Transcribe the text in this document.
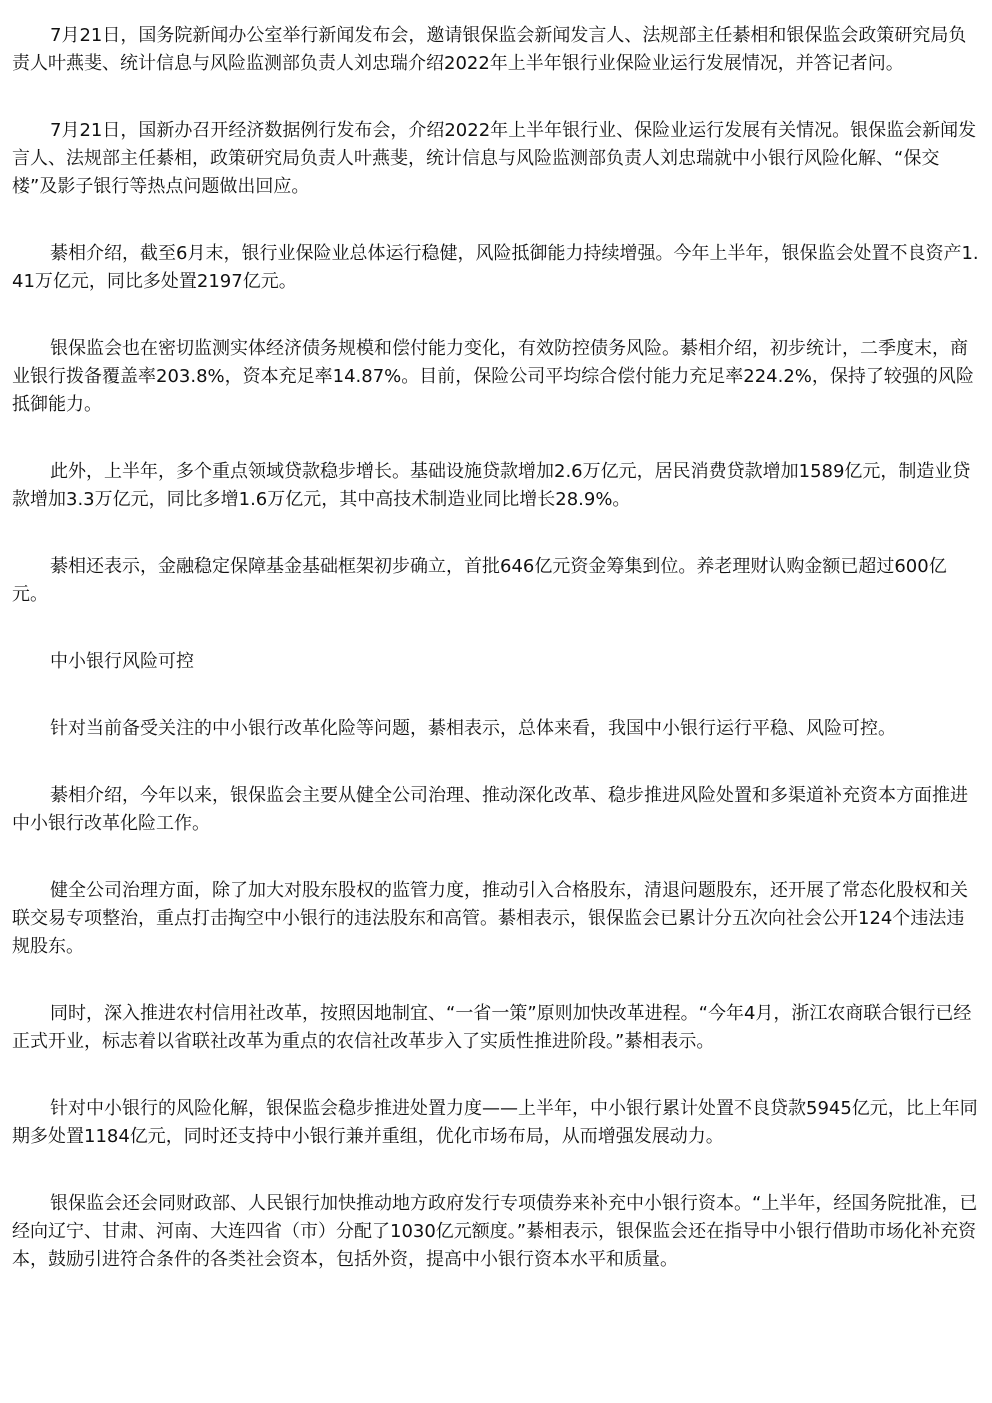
7月21日，国务院新闻办公室举行新闻发布会，邀请银保监会新闻发言人、法规部主任綦相和银保监会政策研究局负责人叶燕斐、统计信息与风险监测部负责人刘忠瑞介绍2022年上半年银行业保险业运行发展情况，并答记者问。

7月21日，国新办召开经济数据例行发布会，介绍2022年上半年银行业、保险业运行发展有关情况。银保监会新闻发言人、法规部主任綦相，政策研究局负责人叶燕斐，统计信息与风险监测部负责人刘忠瑞就中小银行风险化解、“保交楼”及影子银行等热点问题做出回应。

綦相介绍，截至6月末，银行业保险业总体运行稳健，风险抵御能力持续增强。今年上半年，银保监会处置不良资产1.41万亿元，同比多处置2197亿元。

银保监会也在密切监测实体经济债务规模和偿付能力变化，有效防控债务风险。綦相介绍，初步统计，二季度末，商业银行拨备覆盖率203.8%，资本充足率14.87%。目前，保险公司平均综合偿付能力充足率224.2%，保持了较强的风险抵御能力。

此外，上半年，多个重点领域贷款稳步增长。基础设施贷款增加2.6万亿元，居民消费贷款增加1589亿元，制造业贷款增加3.3万亿元，同比多增1.6万亿元，其中高技术制造业同比增长28.9%。

綦相还表示，金融稳定保障基金基础框架初步确立，首批646亿元资金筹集到位。养老理财认购金额已超过600亿元。

中小银行风险可控

针对当前备受关注的中小银行改革化险等问题，綦相表示，总体来看，我国中小银行运行平稳、风险可控。

綦相介绍，今年以来，银保监会主要从健全公司治理、推动深化改革、稳步推进风险处置和多渠道补充资本方面推进中小银行改革化险工作。

健全公司治理方面，除了加大对股东股权的监管力度，推动引入合格股东，清退问题股东，还开展了常态化股权和关联交易专项整治，重点打击掏空中小银行的违法股东和高管。綦相表示，银保监会已累计分五次向社会公开124个违法违规股东。

同时，深入推进农村信用社改革，按照因地制宜、“一省一策”原则加快改革进程。“今年4月，浙江农商联合银行已经正式开业，标志着以省联社改革为重点的农信社改革步入了实质性推进阶段。”綦相表示。

针对中小银行的风险化解，银保监会稳步推进处置力度——上半年，中小银行累计处置不良贷款5945亿元，比上年同期多处置1184亿元，同时还支持中小银行兼并重组，优化市场布局，从而增强发展动力。

银保监会还会同财政部、人民银行加快推动地方政府发行专项债券来补充中小银行资本。“上半年，经国务院批准，已经向辽宁、甘肃、河南、大连四省（市）分配了1030亿元额度。”綦相表示，银保监会还在指导中小银行借助市场化补充资本，鼓励引进符合条件的各类社会资本，包括外资，提高中小银行资本水平和质量。
